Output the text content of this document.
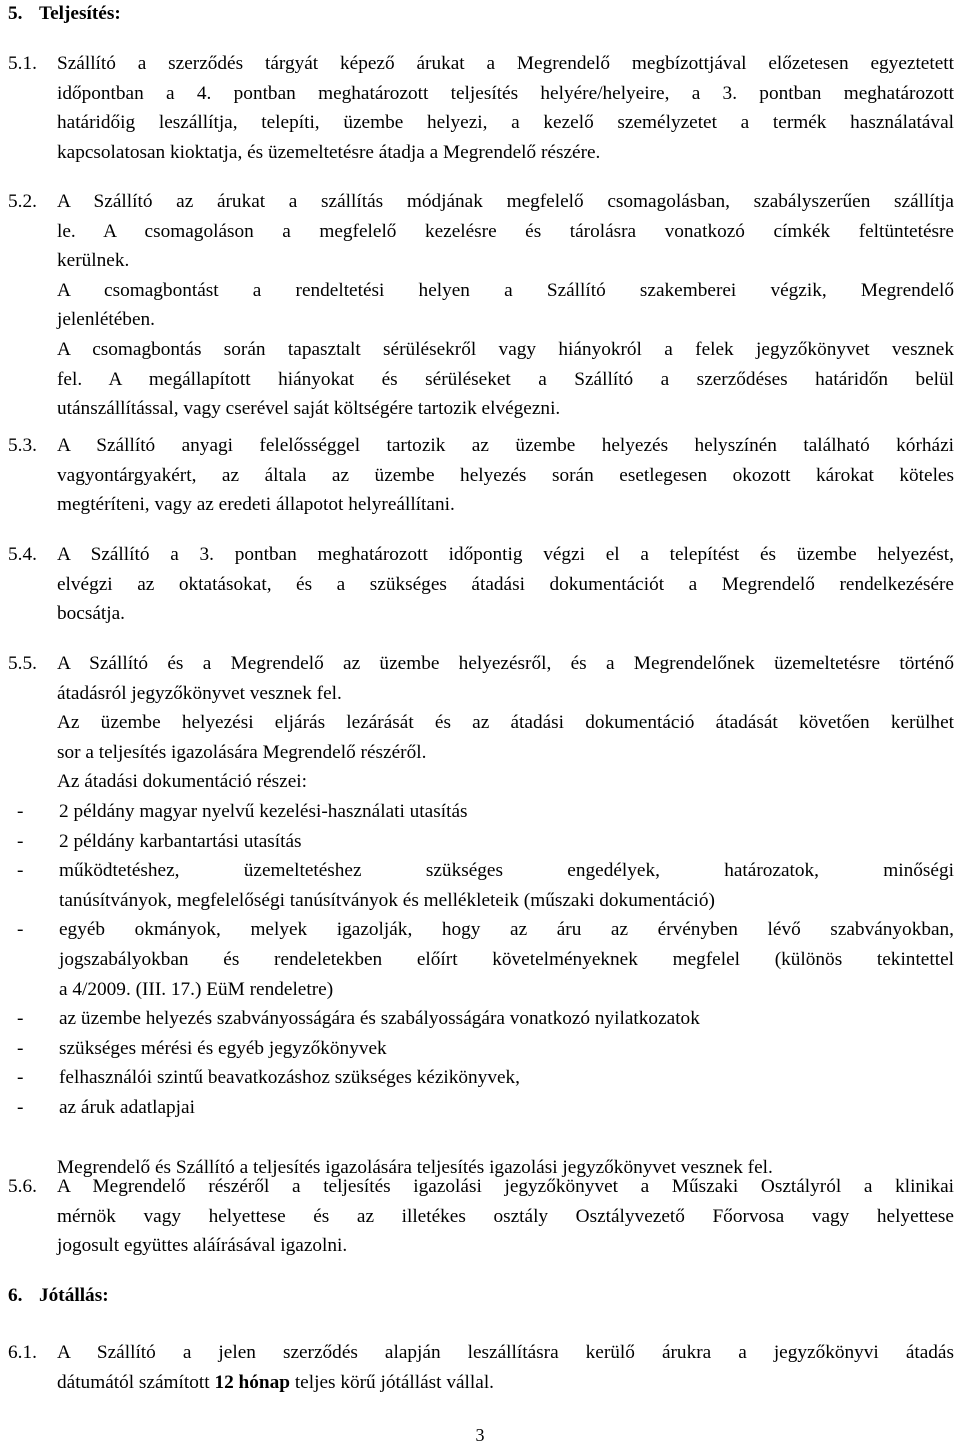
5. Teljesítés:
5.1. Szállító a szerződés tárgyát képező árukat a Megrendelő megbízottjával előzetesen egyeztetett
időpontban a 4. pontban meghatározott teljesítés helyére/helyeire, a 3. pontban meghatározott
határidőig leszállítja, telepíti, üzembe helyezi, a kezelő személyzetet a termék használatával
kapcsolatosan kioktatja, és üzemeltetésre átadja a Megrendelő részére.
5.2. A Szállító az árukat a szállítás módjának megfelelő csomagolásban, szabályszerűen szállítja
le. A csomagoláson a megfelelő kezelésre és tárolásra vonatkozó címkék feltüntetésre
kerülnek.
A csomagbontást a rendeltetési helyen a Szállító szakemberei végzik, Megrendelő
jelenlétében.
A csomagbontás során tapasztalt sérülésekről vagy hiányokról a felek jegyzőkönyvet vesznek
fel. A megállapított hiányokat és sérüléseket a Szállító a szerződéses határidőn belül
utánszállítással, vagy cserével saját költségére tartozik elvégezni.
5.3. A Szállító anyagi felelősséggel tartozik az üzembe helyezés helyszínén található kórházi
vagyontárgyakért, az általa az üzembe helyezés során esetlegesen okozott károkat köteles
megtéríteni, vagy az eredeti állapotot helyreállítani.
5.4. A Szállító a 3. pontban meghatározott időpontig végzi el a telepítést és üzembe helyezést,
elvégzi az oktatásokat, és a szükséges átadási dokumentációt a Megrendelő rendelkezésére
bocsátja.
5.5. A Szállító és a Megrendelő az üzembe helyezésről, és a Megrendelőnek üzemeltetésre történő
átadásról jegyzőkönyvet vesznek fel.
Az üzembe helyezési eljárás lezárását és az átadási dokumentáció átadását követően kerülhet
sor a teljesítés igazolására Megrendelő részéről.
Az átadási dokumentáció részei:
- 2 példány magyar nyelvű kezelési-használati utasítás
- 2 példány karbantartási utasítás
- működtetéshez, üzemeltetéshez szükséges engedélyek, határozatok, minőségi
tanúsítványok, megfelelőségi tanúsítványok és mellékleteik (műszaki dokumentáció)
- egyéb okmányok, melyek igazolják, hogy az áru az érvényben lévő szabványokban,
jogszabályokban és rendeletekben előírt követelményeknek megfelel (különös tekintettel
a 4/2009. (III. 17.) EüM rendeletre)
- az üzembe helyezés szabványosságára és szabályosságára vonatkozó nyilatkozatok
- szükséges mérési és egyéb jegyzőkönyvek
- felhasználói szintű beavatkozáshoz szükséges kézikönyvek,
- az áruk adatlapjai
Megrendelő és Szállító a teljesítés igazolására teljesítés igazolási jegyzőkönyvet vesznek fel.
5.6. A Megrendelő részéről a teljesítés igazolási jegyzőkönyvet a Műszaki Osztályról a klinikai
mérnök vagy helyettese és az illetékes osztály Osztályvezető Főorvosa vagy helyettese
jogosult együttes aláírásával igazolni.
6. Jótállás:
6.1. A Szállító a jelen szerződés alapján leszállításra kerülő árukra a jegyzőkönyvi átadás
dátumától számított 12 hónap teljes körű jótállást vállal.
3
